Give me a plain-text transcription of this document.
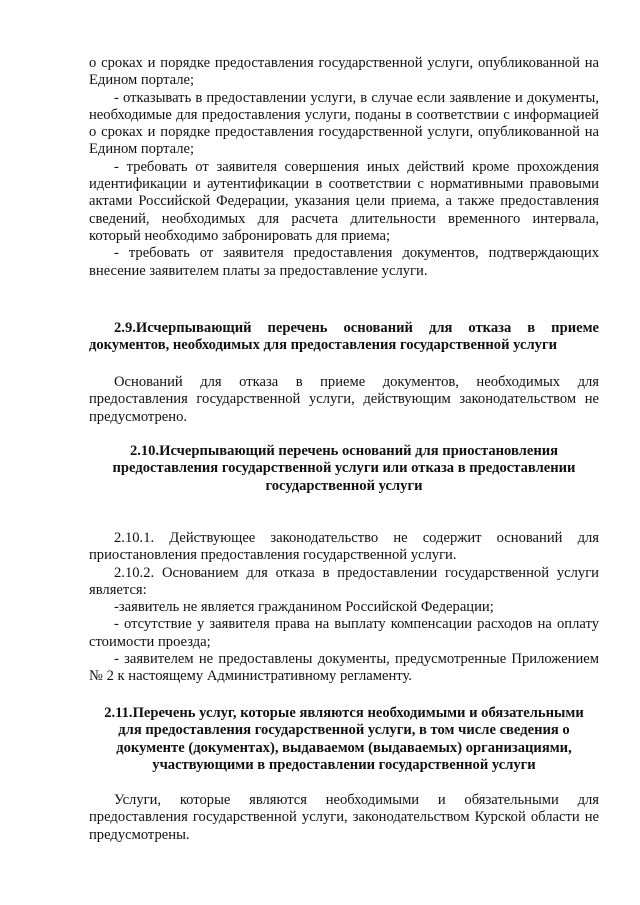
о сроках и порядке предоставления государственной услуги, опубликованной на Едином портале;

- отказывать в предоставлении услуги, в случае если заявление и документы, необходимые для предоставления услуги, поданы в соответствии с информацией о сроках и порядке предоставления государственной услуги, опубликованной на Едином портале;

- требовать от заявителя совершения иных действий кроме прохождения идентификации и аутентификации в соответствии с нормативными правовыми актами Российской Федерации, указания цели приема, а также предоставления сведений, необходимых для расчета длительности временного интервала, который необходимо забронировать для приема;

- требовать от заявителя предоставления документов, подтверждающих внесение заявителем платы за предоставление услуги.

2.9.Исчерпывающий перечень оснований для отказа в приеме документов, необходимых для предоставления государственной услуги

Оснований для отказа в приеме документов, необходимых для предоставления государственной услуги, действующим законодательством не предусмотрено.

2.10.Исчерпывающий перечень оснований для приостановления

предоставления государственной услуги или отказа в предоставлении

государственной услуги

2.10.1. Действующее законодательство не содержит оснований для приостановления предоставления государственной услуги.

2.10.2. Основанием для отказа в предоставлении государственной услуги является:

-заявитель не является гражданином Российской Федерации;

- отсутствие у заявителя права на выплату компенсации расходов на оплату стоимости проезда;

- заявителем не предоставлены документы, предусмотренные Приложением № 2 к настоящему Административному регламенту.

2.11.Перечень услуг, которые являются необходимыми и обязательными

для предоставления государственной услуги, в том числе сведения о

документе (документах), выдаваемом (выдаваемых) организациями,

участвующими в предоставлении государственной услуги

Услуги, которые являются необходимыми и обязательными для предоставления государственной услуги, законодательством Курской области не предусмотрены.
